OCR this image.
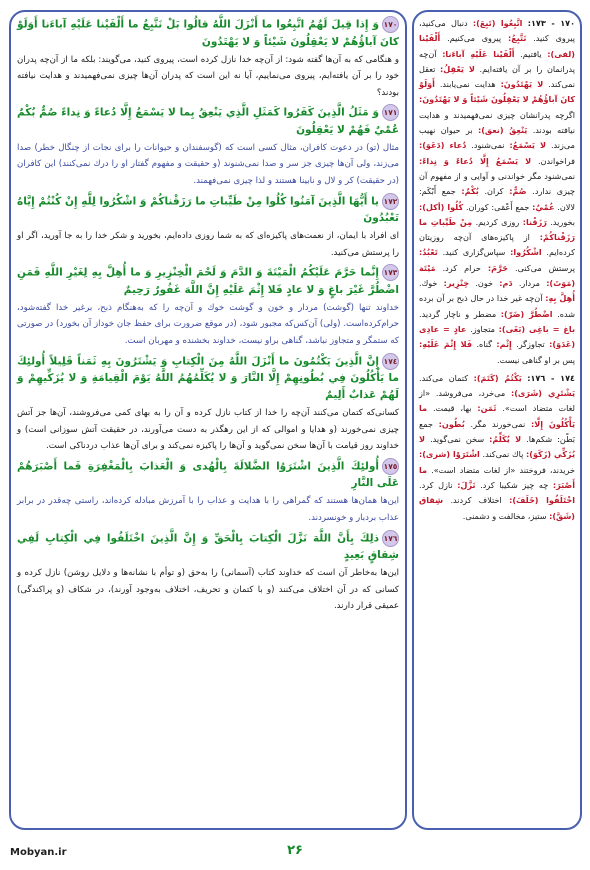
١٧٠وَ إِذا قِيلَ لَهُمُ اتَّبِعُوا ما أَنْزَلَ اللَّهُ قالُوا بَلْ نَتَّبِعُ ما أَلْفَيْنا عَلَيْهِ آباءَنا أَوَلَوْ كانَ آباؤُهُمْ لا يَعْقِلُونَ شَيْئاً وَ لا يَهْتَدُونَ
و هنگامى كه به آن‌ها گفته شود: از آن‌چه خدا نازل كرده است، پيروى كنيد، مى‌گويند: بلكه ما از آن‌چه پدران خود را بر آن يافته‌ايم، پيروى مى‌نماييم، آيا نه اين است كه پدران آن‌ها چيزى نمى‌فهميدند و هدايت نيافته بودند؟
١٧١وَ مَثَلُ الَّذِينَ كَفَرُوا كَمَثَلِ الَّذِي يَنْعِقُ بِما لا يَسْمَعُ إِلَّا دُعاءً وَ نِداءً صُمٌّ بُكْمٌ عُمْيٌ فَهُمْ لا يَعْقِلُونَ
مثال (تو) در دعوت كافران، مثال كسى است كه (گوسفندان و حيوانات را براى نجات از چنگال خطر) صدا مى‌زند، ولى آن‌ها چيزى جز سر و صدا نمى‌شنوند (و حقيقت و مفهوم گفتار او را درك نمى‌كنند) اين كافران (در حقيقت) كر و لال و نابينا هستند و لذا چيزى نمى‌فهمند.
١٧٢يا أَيُّهَا الَّذِينَ آمَنُوا كُلُوا مِنْ طَيِّباتِ ما رَزَقْناكُمْ وَ اشْكُرُوا لِلَّهِ إِنْ كُنْتُمْ إِيَّاهُ تَعْبُدُونَ
اى افراد با ايمان، از نعمت‌هاى پاكيزه‌اى كه به شما روزى داده‌ايم، بخوريد و شكر خدا را به جا آوريد، اگر او را پرستش مى‌كنيد.
١٧٣إِنَّما حَرَّمَ عَلَيْكُمُ الْمَيْتَةَ وَ الدَّمَ وَ لَحْمَ الْخِنْزِيرِ وَ ما أُهِلَّ بِهِ لِغَيْرِ اللَّهِ فَمَنِ اضْطُرَّ غَيْرَ باغٍ وَ لا عادٍ فَلا إِثْمَ عَلَيْهِ إِنَّ اللَّهَ غَفُورٌ رَحِيمٌ
خداوند تنها (گوشت) مردار و خون و گوشت خوك و آن‌چه را كه به‌هنگام ذبح، برغير خدا گفته‌شود، حرام‌كرده‌است. (ولى) آن‌كس‌كه مجبور شود، (در موقع ضرورت براى حفظ جان خوداز آن بخورد) در صورتى كه ستمگر و متجاوز نباشد، گناهى براو نيست، خداوند بخشنده و مهربان است.
١٧٤إِنَّ الَّذِينَ يَكْتُمُونَ ما أَنْزَلَ اللَّهُ مِنَ الْكِتابِ وَ يَشْتَرُونَ بِهِ ثَمَناً قَلِيلاً أُولئِكَ ما يَأْكُلُونَ فِي بُطُونِهِمْ إِلَّا النَّارَ وَ لا يُكَلِّمُهُمُ اللَّهُ يَوْمَ الْقِيامَةِ وَ لا يُزَكِّيهِمْ وَ لَهُمْ عَذابٌ أَلِيمٌ
كسانى‌كه كتمان مى‌كنند آن‌چه را خدا از كتاب نازل كرده و آن را به بهاى كمى مى‌فروشند، آن‌ها جز آتش چيزى نمى‌خورند (و هدايا و اموالى كه از اين رهگذر به دست مى‌آورند، در حقيقت آتش سوزانى است) و خداوند روز قيامت با آن‌ها سخن نمى‌گويد و آن‌ها را پاكيزه نمى‌كند و براى آن‌ها عذاب دردناكى است.
١٧٥أُولئِكَ الَّذِينَ اشْتَرَوُا الضَّلالَةَ بِالْهُدى وَ الْعَذابَ بِالْمَغْفِرَةِ فَما أَصْبَرَهُمْ عَلَى النَّارِ
اين‌ها همان‌ها هستند كه گمراهى را با هدايت و عذاب را با آمرزش مبادله كرده‌اند، راستى چه‌قدر در برابر عذاب بردبار و خونسردند.
١٧٦ذلِكَ بِأَنَّ اللَّهَ نَزَّلَ الْكِتابَ بِالْحَقِّ وَ إِنَّ الَّذِينَ اخْتَلَفُوا فِي الْكِتابِ لَفِي شِقاقٍ بَعِيدٍ
اين‌ها به‌خاطر آن است كه خداوند كتاب (آسمانى) را به‌حق (و توأم با نشانه‌ها و دلايل روشن) نازل كرده و كسانى كه در آن اختلاف مى‌كنند (و با كتمان و تحريف، اختلاف به‌وجود آورند)، در شكاف (و پراكندگى) عميقى قرار دارند.
١٧٠ - ١٧٣: اتَّبِعُوا (تَبِعَ): دنبال مى‌كنيد، پيروى كنيد. نَتَّبِعُ: پيروى مى‌كنيم. أَلْفَيْنا (لفى): يافتيم. أَلْفَيْنا عَلَيْهِ آباءَنا: آن‌چه پدرانمان را بر آن يافته‌ايم. لا يَعْقِلُ: تعقل نمى‌كند. لا يَهْتَدُونَ: هدايت نمى‌يابند. أَوَلَوْ كانَ آباؤُهُمْ لا يَعْقِلُونَ شَيْئاً وَ لا يَهْتَدُونَ: اگرچه پدرانشان چيزى نمى‌فهميدند و هدايت نيافته بودند. يَنْعِقُ (نعق): بر حيوان نهيب مى‌زند. لا يَسْمَعُ: نمى‌شنود. دُعاء (دَعَوَ): فراخواندن. لا يَسْمَعُ إِلَّا دُعاءً وَ نِداءً: نمى‌شنود مگر خواندنى و آوايى و از مفهوم آن چيزى ندارد. صُمٌّ: كران. بُكْمٌ: جمع أَبْكَم: لالان. عُمْيٌ: جمع أَعْمَى: كوران. كُلُوا (أكل): بخوريد. رَزَقْنا: روزى كرديم. مِنْ طَيِّباتِ ما رَزَقْناكُمْ: از پاكيزه‌هاى آن‌چه روزيتان كرده‌ايم. اشْكُرُوا: سپاس‌گزارى كنيد. تَعْبُدُ: پرستش مى‌كنى. حَرَّمَ: حرام كرد. مَيْتَة (مَوَتَ): مردار. دَم: خون. خِنْزِير: خوك. أُهِلَّ بِهِ: آن‌چه غير خدا در حال ذبح بر آن برده شده. اضْطُرَّ (ضَرّ): مضطر و ناچار گرديد. باغ = باغِى (بَغَى): متجاوز. عادٍ = عادِى (عَدَوَ): تجاوزگر. إِثْم: گناه. فَلا إِثْمَ عَلَيْهِ: پس بر او گناهى نيست.
١٧٤ - ١٧٦: يَكْتُمُ (كَتَمَ): كتمان مى‌كند. يَشْتَرِي (شَرَى): مى‌خرد، مى‌فروشد. «از لغات متضاد است». ثَمَن: بها، قيمت. ما يَأْكُلُونَ إِلَّا: نمى‌خورند مگر. بُطُون: جمع بَطْن: شكم‌ها. لا يُكَلِّمُ: سخن نمى‌گويد. لا يُزَكِّي (زَكَوَ): پاك نمى‌كند. اشْتَرَوْا (شرى): خريدند، فروختند «از لغات متضاد است». ما أَصْبَرَ: چه چيز شكيبا كرد. نَزَّلَ: نازل كرد. اخْتَلَفُوا (خَلَفَ): اختلاف كردند. شِقاق (شَقَّ): ستيز، مخالفت و دشمنى.
٢۶
Mobyan.ir
